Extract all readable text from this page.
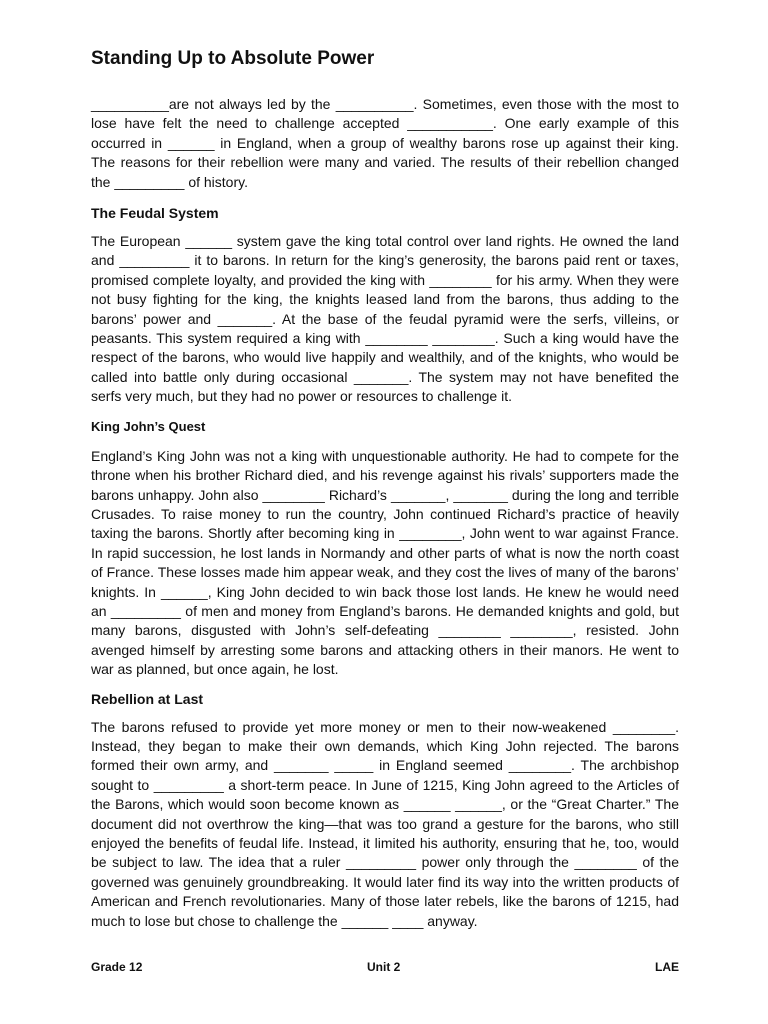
Standing Up to Absolute Power

__________are not always led by the __________. Sometimes, even those with the most to lose have felt the need to challenge accepted ___________. One early example of this occurred in ______ in England, when a group of wealthy barons rose up against their king. The reasons for their rebellion were many and varied. The results of their rebellion changed the _________ of history.

The Feudal System

The European ______ system gave the king total control over land rights. He owned the land and _________ it to barons. In return for the king’s generosity, the barons paid rent or taxes, promised complete loyalty, and provided the king with ________ for his army. When they were not busy fighting for the king, the knights leased land from the barons, thus adding to the barons’ power and _______. At the base of the feudal pyramid were the serfs, villeins, or peasants. This system required a king with ________ ________. Such a king would have the respect of the barons, who would live happily and wealthily, and of the knights, who would be called into battle only during occasional _______. The system may not have benefited the serfs very much, but they had no power or resources to challenge it.

King John’s Quest

England’s King John was not a king with unquestionable authority. He had to compete for the throne when his brother Richard died, and his revenge against his rivals’ supporters made the barons unhappy. John also ________ Richard’s _______, _______ during the long and terrible Crusades. To raise money to run the country, John continued Richard’s practice of heavily taxing the barons. Shortly after becoming king in ________, John went to war against France. In rapid succession, he lost lands in Normandy and other parts of what is now the north coast of France. These losses made him appear weak, and they cost the lives of many of the barons’ knights. In ______, King John decided to win back those lost lands. He knew he would need an _________ of men and money from England’s barons. He demanded knights and gold, but many barons, disgusted with John’s self-defeating ________ ________, resisted. John avenged himself by arresting some barons and attacking others in their manors. He went to war as planned, but once again, he lost.

Rebellion at Last

The barons refused to provide yet more money or men to their now-weakened ________. Instead, they began to make their own demands, which King John rejected. The barons formed their own army, and _______ _____ in England seemed ________. The archbishop sought to _________ a short-term peace. In June of 1215, King John agreed to the Articles of the Barons, which would soon become known as ______ ______, or the “Great Charter.” The document did not overthrow the king—that was too grand a gesture for the barons, who still enjoyed the benefits of feudal life. Instead, it limited his authority, ensuring that he, too, would be subject to law. The idea that a ruler _________ power only through the ________ of the governed was genuinely groundbreaking. It would later find its way into the written products of American and French revolutionaries. Many of those later rebels, like the barons of 1215, had much to lose but chose to challenge the ______ ____ anyway.

Grade 12	Unit 2	LAE
